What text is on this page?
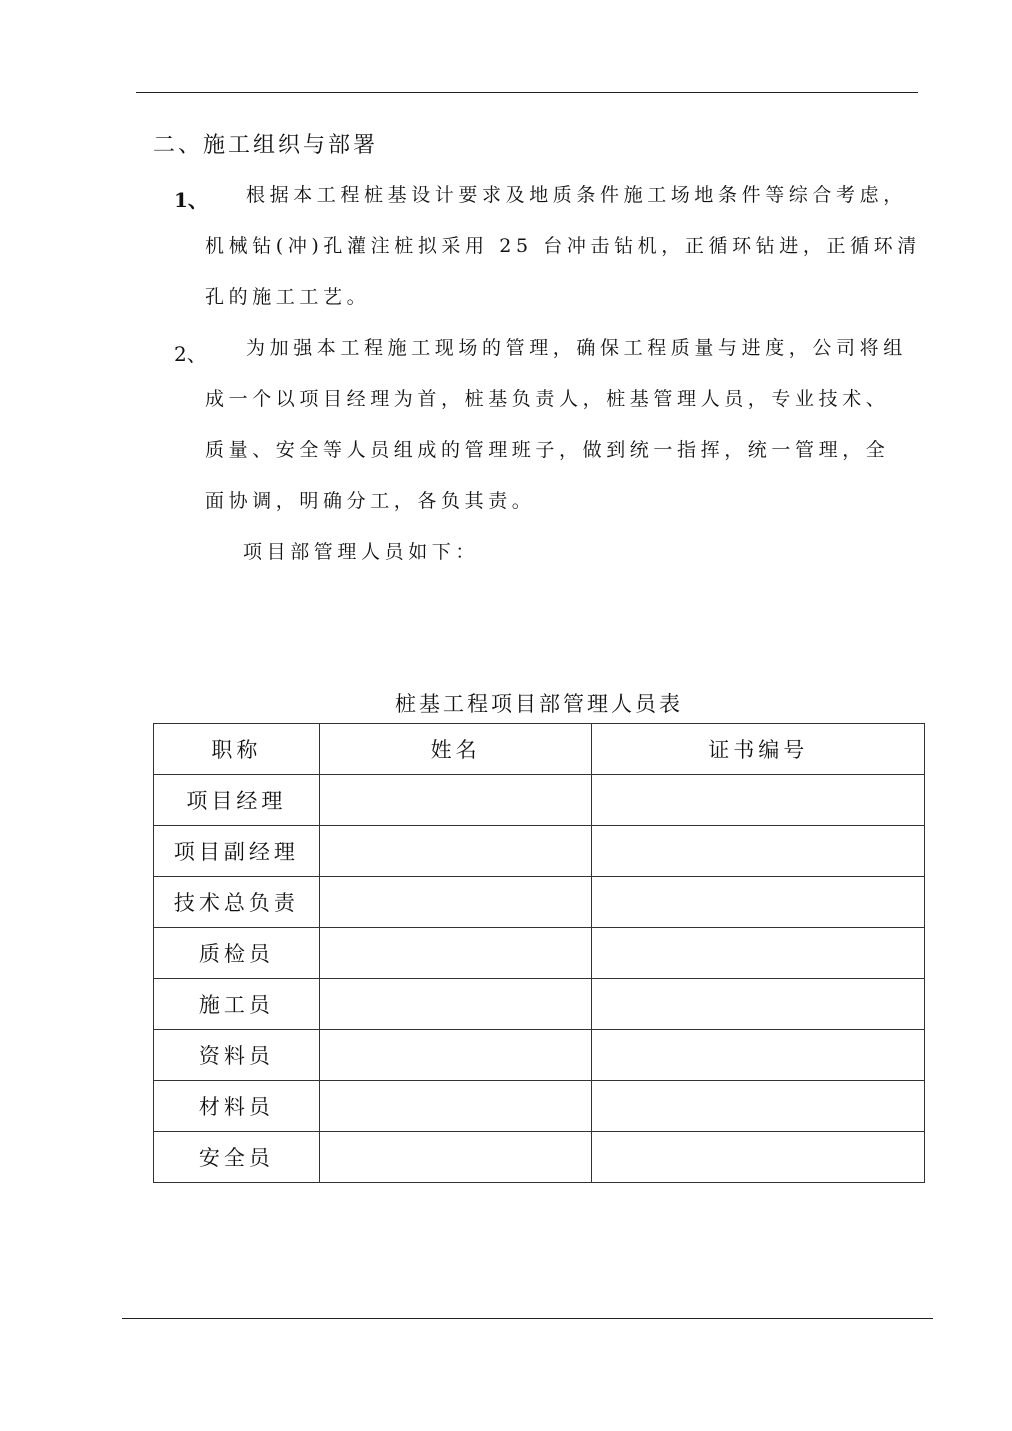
二、施工组织与部署
1、 根据本工程桩基设计要求及地质条件施工场地条件等综合考虑，
机械钻(冲)孔灌注桩拟采用 25 台冲击钻机，正循环钻进，正循环清
孔的施工工艺。
2、 为加强本工程施工现场的管理，确保工程质量与进度，公司将组
成一个以项目经理为首，桩基负责人，桩基管理人员，专业技术、
质量、安全等人员组成的管理班子，做到统一指挥，统一管理，全
面协调，明确分工，各负其责。
项目部管理人员如下：
桩基工程项目部管理人员表
职称	姓名	证书编号
项目经理		
项目副经理		
技术总负责		
质检员		
施工员		
资料员		
材料员		
安全员		
